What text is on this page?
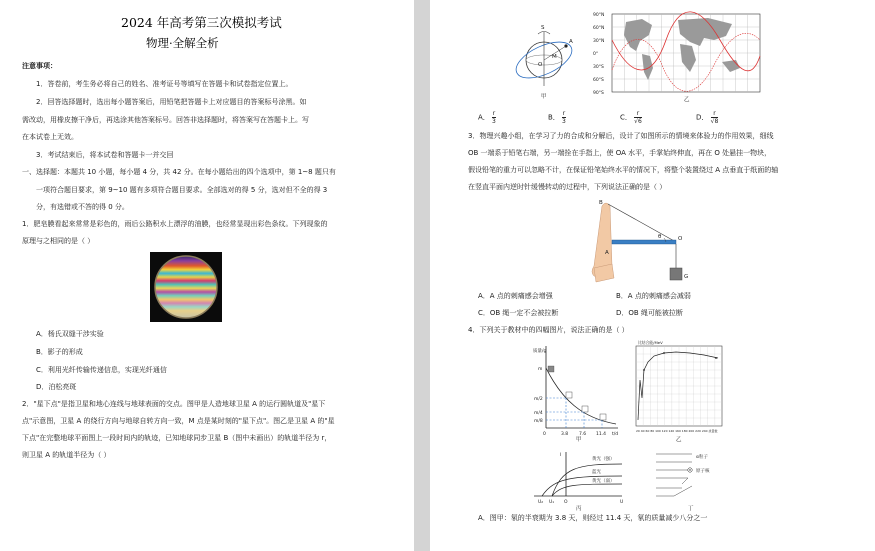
2024 年高考第三次模拟考试
物理·全解全析
注意事项：
1．答卷前，考生务必将自己的姓名、准考证号等填写在答题卡和试卷指定位置上。
2．回答选择题时，选出每小题答案后，用铅笔把答题卡上对应题目的答案标号涂黑。如
需改动，用橡皮擦干净后，再选涂其他答案标号。回答非选择题时，将答案写在答题卡上。写
在本试卷上无效。
3．考试结束后，将本试卷和答题卡一并交回
一、选择题：本题共 10 小题，每小题 4 分，共 42 分。在每小题给出的四个选项中，第 1~8 题只有
一项符合题目要求，第 9~10 题有多项符合题目要求。全部选对的得 5 分，选对但不全的得 3
分，有选错或不答的得 0 分。
1．肥皂膜看起来常常是彩色的，雨后公路积水上漂浮的油膜，也经常显现出彩色条纹。下列现象的
原理与之相同的是（ ）
A．杨氏双缝干涉实验
B．影子的形成
C．利用光纤传输传递信息，实现光纤通信
D．泊松亮斑
2．"星下点"是指卫星和地心连线与地球表面的交点。图甲是人造地球卫星 A 的运行圆轨道及"星下
点"示意图，卫星 A 的绕行方向与地球自转方向一致，M 点是某时刻的"星下点"。图乙是卫星 A 的"星
下点"在完整地球平面图上一段时间内的轨迹，已知地球同步卫星 B（图中未画出）的轨道半径为 r，
则卫星 A 的轨道半径为（ ）
S
M
A
O
甲
90°N
60°N
30°N
0°
30°S
60°S
90°S
乙
A． $\frac{r}{3}$	B． $\frac{r}{3}$	C． $\frac{r}{√6}$	D． $\frac{r}{√8}$
3．物理兴趣小组，在学习了力的合成和分解后，设计了如图所示的情境来体验力的作用效果，细线
OB 一端系于铅笔右端，另一端拴在手指上，使 OA 水平，手掌始终伸直，再在 O 处悬挂一物块，
假设铅笔的重力可以忽略不计，在保证铅笔始终水平的情况下，将整个装置绕过 A 点垂直于纸面的轴
在竖直平面内逆时针缓慢转动的过程中，下列说法正确的是（ ）
B
A
O
θ
G
A．A 点的刺痛感会增强	B．A 点的刺痛感会减弱
C．OB 绳一定不会被拉断	D．OB 绳可能被拉断
4．下列关于教材中的四幅图片，说法正确的是（ ）
质量/g
0	3.8 7.6 11.4 t/d
m
m/2
m/4
m/8
甲
比结合能/MeV
20 40 60 80 100 120 140 160 180 200 220 240 质量数
乙
I
黄光（强）
蓝光
黄光（弱）
U₂ U₁ O	U
丙
α粒子
原子核
丁
A．图甲：氡的半衰期为 3.8 天，则经过 11.4 天，氡的质量减少八分之一
